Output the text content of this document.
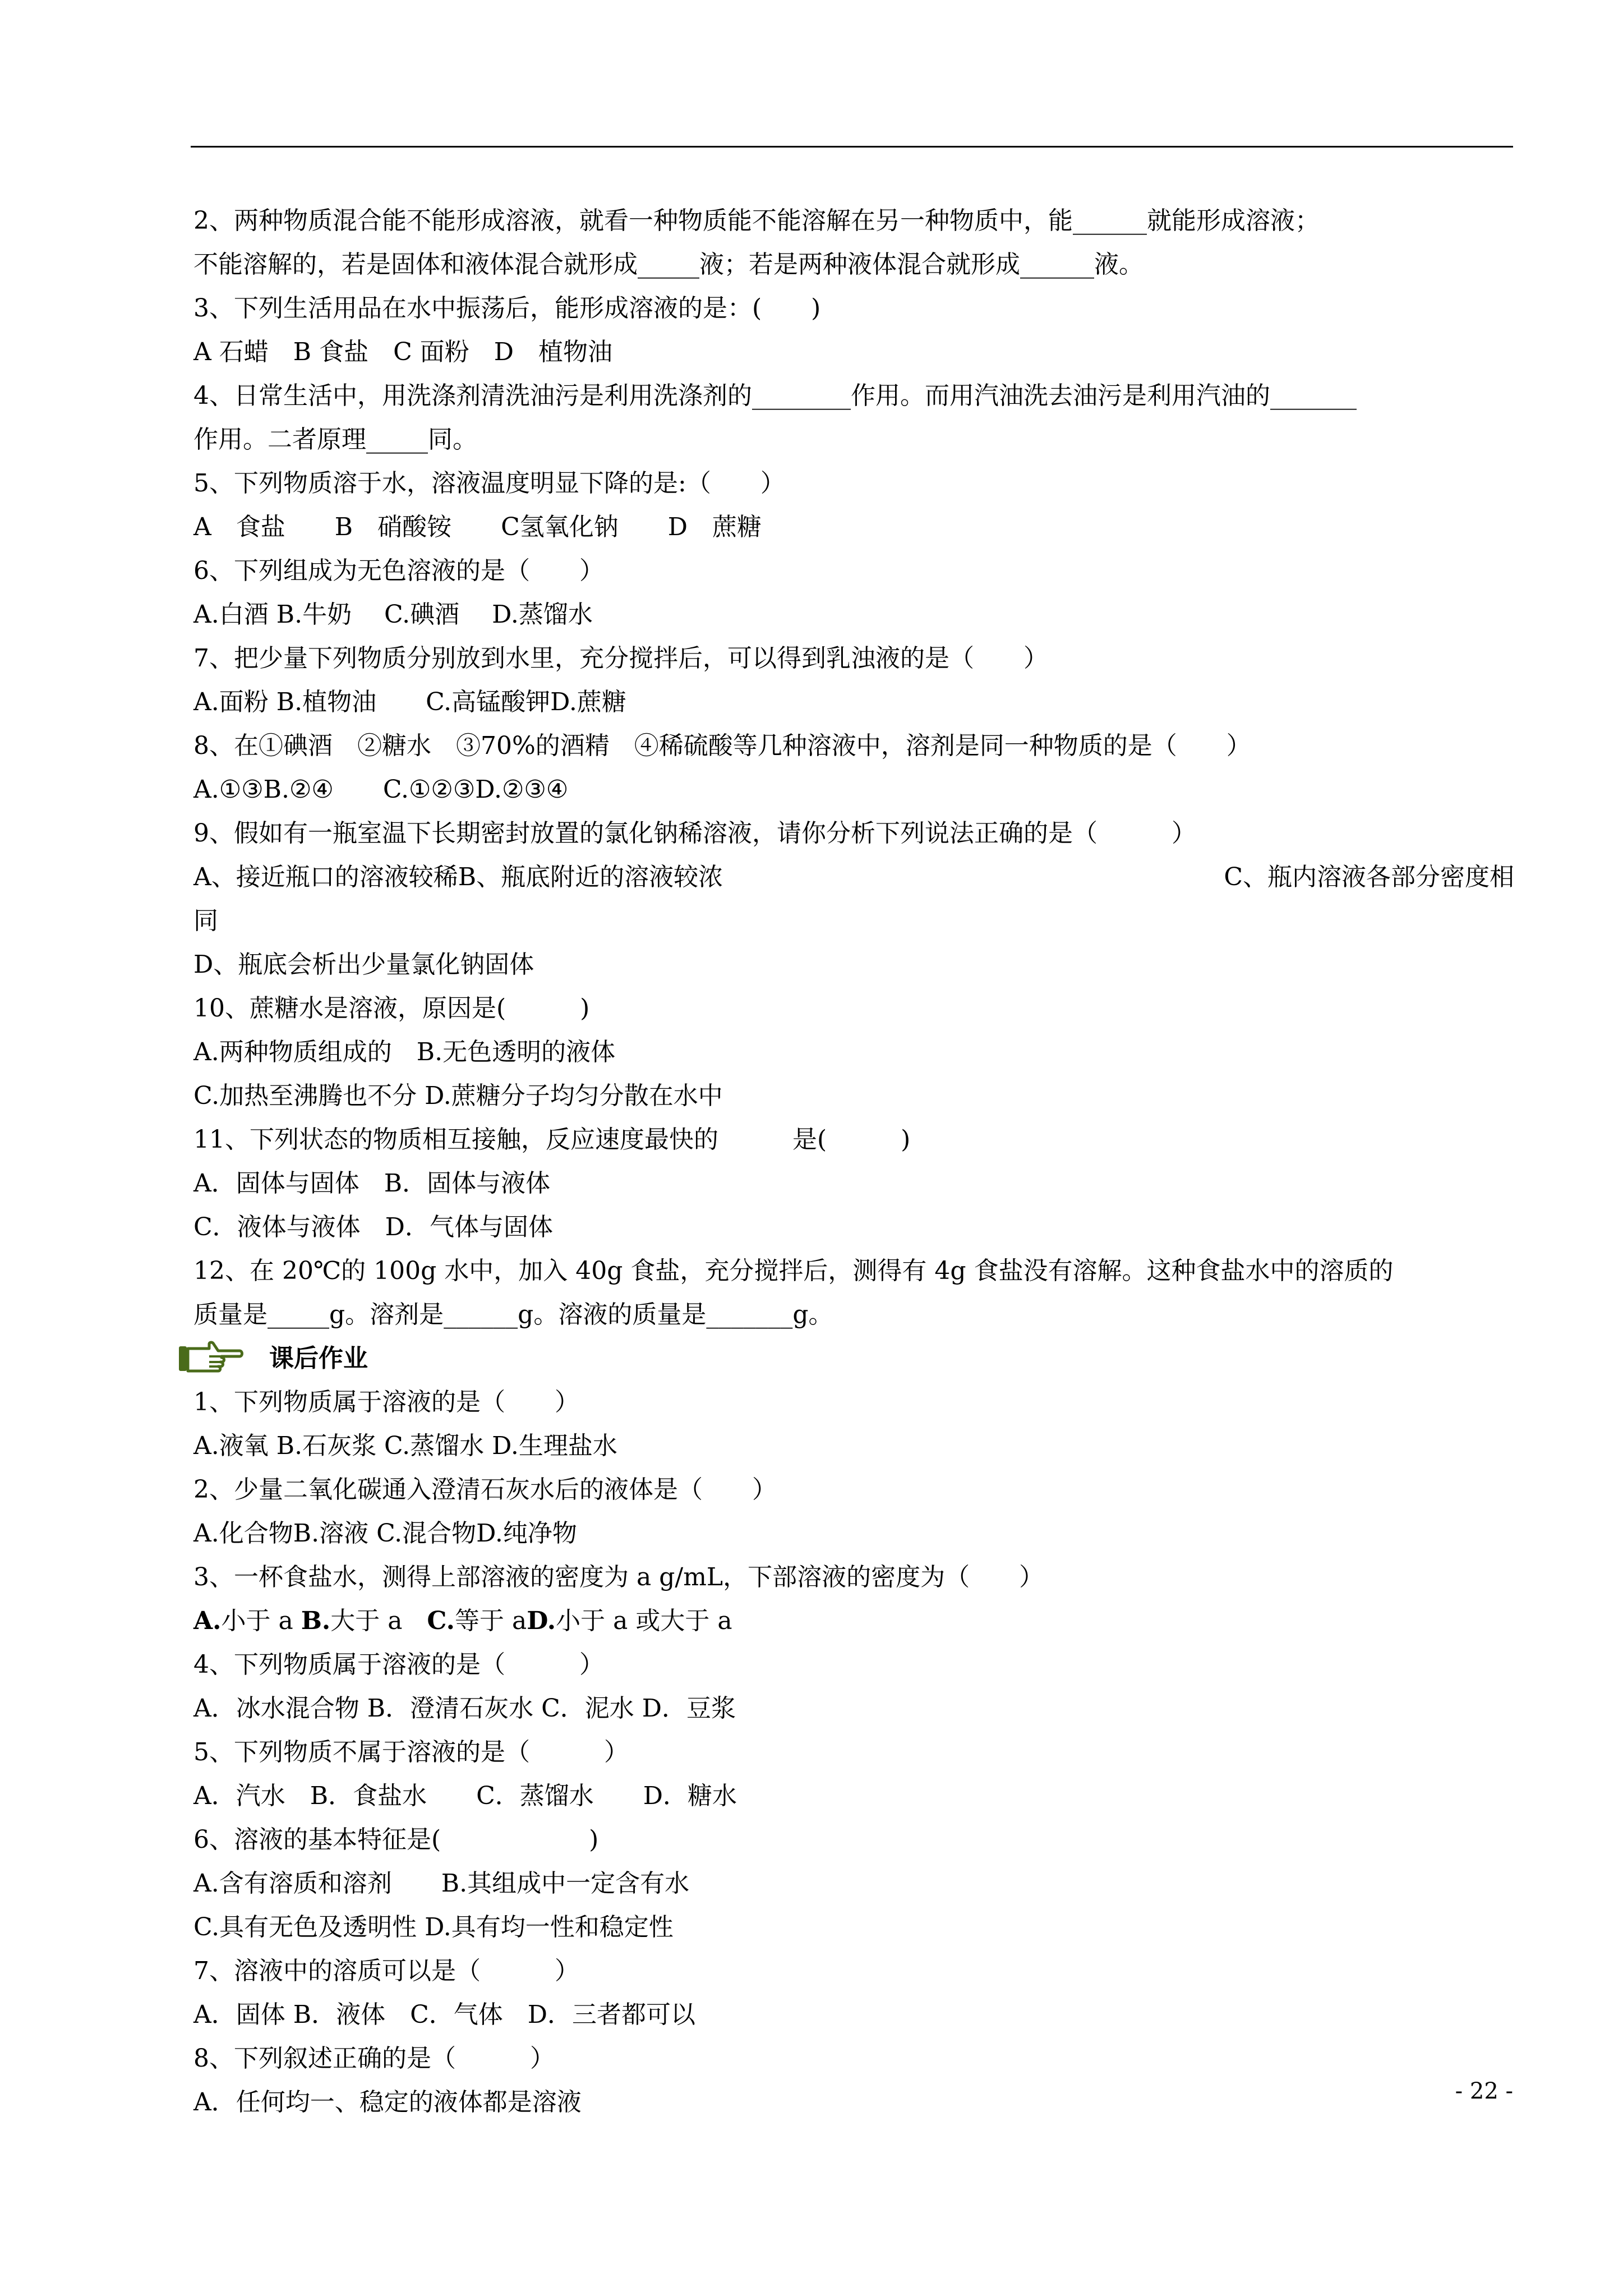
2、两种物质混合能不能形成溶液，就看一种物质能不能溶解在另一种物质中，能______就能形成溶液；
不能溶解的，若是固体和液体混合就形成_____液；若是两种液体混合就形成______液。
3、下列生活用品在水中振荡后，能形成溶液的是：(　　)
A 石蜡　B 食盐　C 面粉　D　植物油
4、日常生活中，用洗涤剂清洗油污是利用洗涤剂的________作用。而用汽油洗去油污是利用汽油的_______
作用。二者原理_____同。
5、下列物质溶于水，溶液温度明显下降的是:（　　）
A　食盐　　B　硝酸铵　　C氢氧化钠　　D　蔗糖
6、下列组成为无色溶液的是（　　）
A.白酒 B.牛奶　 C.碘酒　 D.蒸馏水
7、把少量下列物质分别放到水里，充分搅拌后，可以得到乳浊液的是（　　）
A.面粉 B.植物油　　C.高锰酸钾D.蔗糖
8、在①碘酒　②糖水　③70%的酒精　④稀硫酸等几种溶液中，溶剂是同一种物质的是（　　）
A.①③B.②④　　C.①②③D.②③④
9、假如有一瓶室温下长期密封放置的氯化钠稀溶液，请你分析下列说法正确的是（　　　）
A、接近瓶口的溶液较稀B、瓶底附近的溶液较浓	C、瓶内溶液各部分密度相
同
D、瓶底会析出少量氯化钠固体
10、蔗糖水是溶液，原因是(　　　)
A.两种物质组成的　B.无色透明的液体
C.加热至沸腾也不分 D.蔗糖分子均匀分散在水中
11、下列状态的物质相互接触，反应速度最快的　　　是(　　　)
A．固体与固体　B．固体与液体
C．液体与液体　D．气体与固体
12、在 20℃的 100g 水中，加入 40g 食盐，充分搅拌后，测得有 4g 食盐没有溶解。这种食盐水中的溶质的
质量是_____g。溶剂是______g。溶液的质量是_______g。
课后作业
1、下列物质属于溶液的是（　　）
A.液氧 B.石灰浆 C.蒸馏水 D.生理盐水
2、少量二氧化碳通入澄清石灰水后的液体是（　　）
A.化合物B.溶液 C.混合物D.纯净物
3、一杯食盐水，测得上部溶液的密度为 a g/mL，下部溶液的密度为（　　）
A.小于 a B.大于 a　C.等于 aD.小于 a 或大于 a
4、下列物质属于溶液的是（　　　）
A．冰水混合物 B．澄清石灰水 C．泥水 D．豆浆
5、下列物质不属于溶液的是（　　　）
A．汽水　B．食盐水　　C．蒸馏水　　D．糖水
6、溶液的基本特征是(　　　　　　)
A.含有溶质和溶剂　　B.其组成中一定含有水
C.具有无色及透明性 D.具有均一性和稳定性
7、溶液中的溶质可以是（　　　）
A．固体 B．液体　C．气体　D．三者都可以
8、下列叙述正确的是（　　　）
A．任何均一、稳定的液体都是溶液	- 22 -
